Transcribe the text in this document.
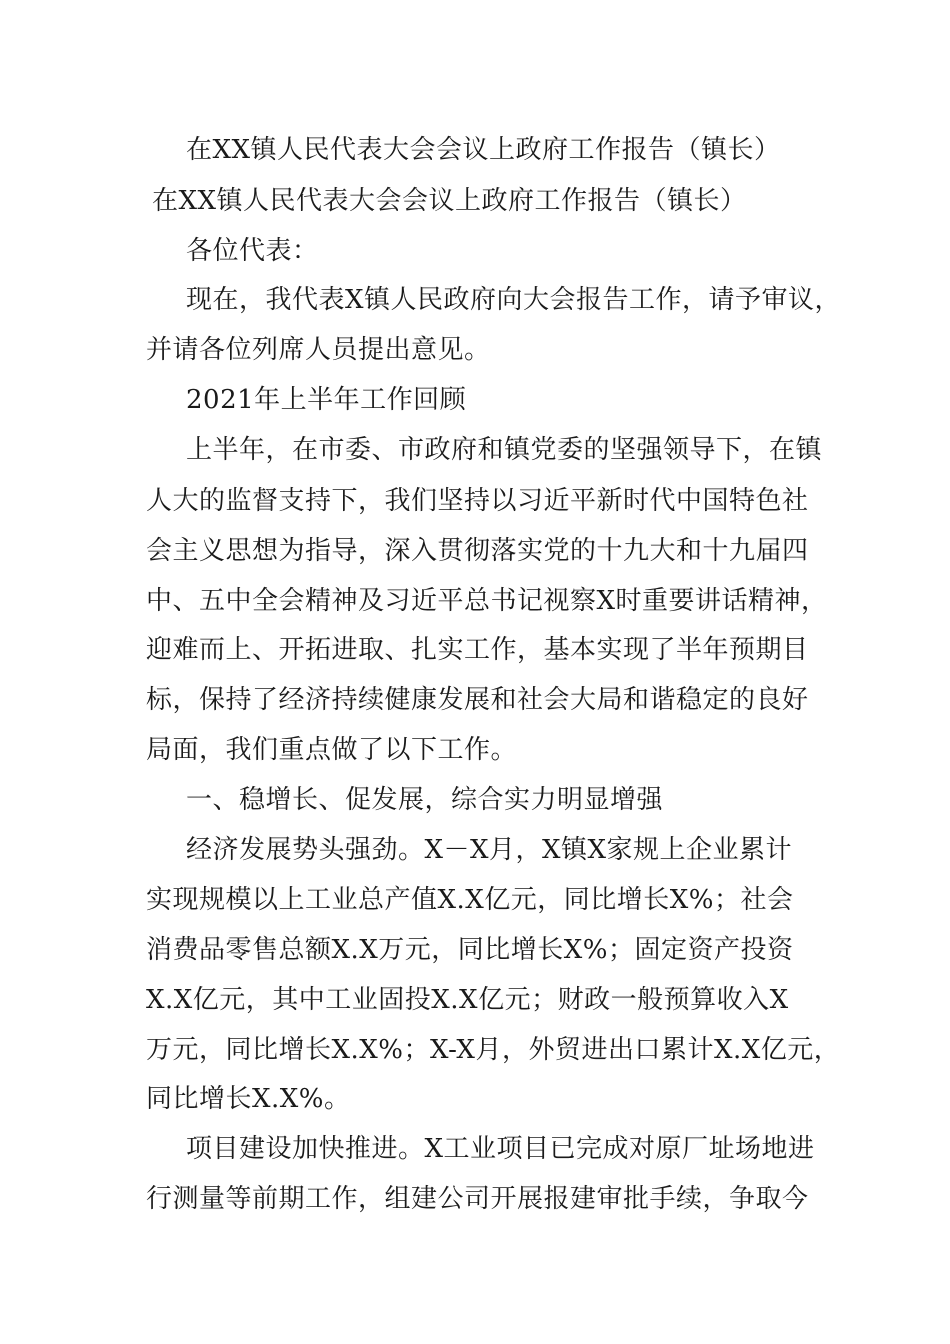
在XX镇人民代表大会会议上政府工作报告（镇长）
在XX镇人民代表大会会议上政府工作报告（镇长）
各位代表：
现在，我代表X镇人民政府向大会报告工作，请予审议，
并请各位列席人员提出意见。
2021年上半年工作回顾
上半年，在市委、市政府和镇党委的坚强领导下，在镇
人大的监督支持下，我们坚持以习近平新时代中国特色社
会主义思想为指导，深入贯彻落实党的十九大和十九届四
中、五中全会精神及习近平总书记视察X时重要讲话精神，
迎难而上、开拓进取、扎实工作，基本实现了半年预期目
标，保持了经济持续健康发展和社会大局和谐稳定的良好
局面，我们重点做了以下工作。
一、稳增长、促发展，综合实力明显增强
经济发展势头强劲。X－X月，X镇X家规上企业累计
实现规模以上工业总产值X.X亿元，同比增长X%；社会
消费品零售总额X.X万元，同比增长X%；固定资产投资
X.X亿元，其中工业固投X.X亿元；财政一般预算收入X
万元，同比增长X.X%；X-X月，外贸进出口累计X.X亿元，
同比增长X.X%。
项目建设加快推进。X工业项目已完成对原厂址场地进
行测量等前期工作，组建公司开展报建审批手续，争取今
